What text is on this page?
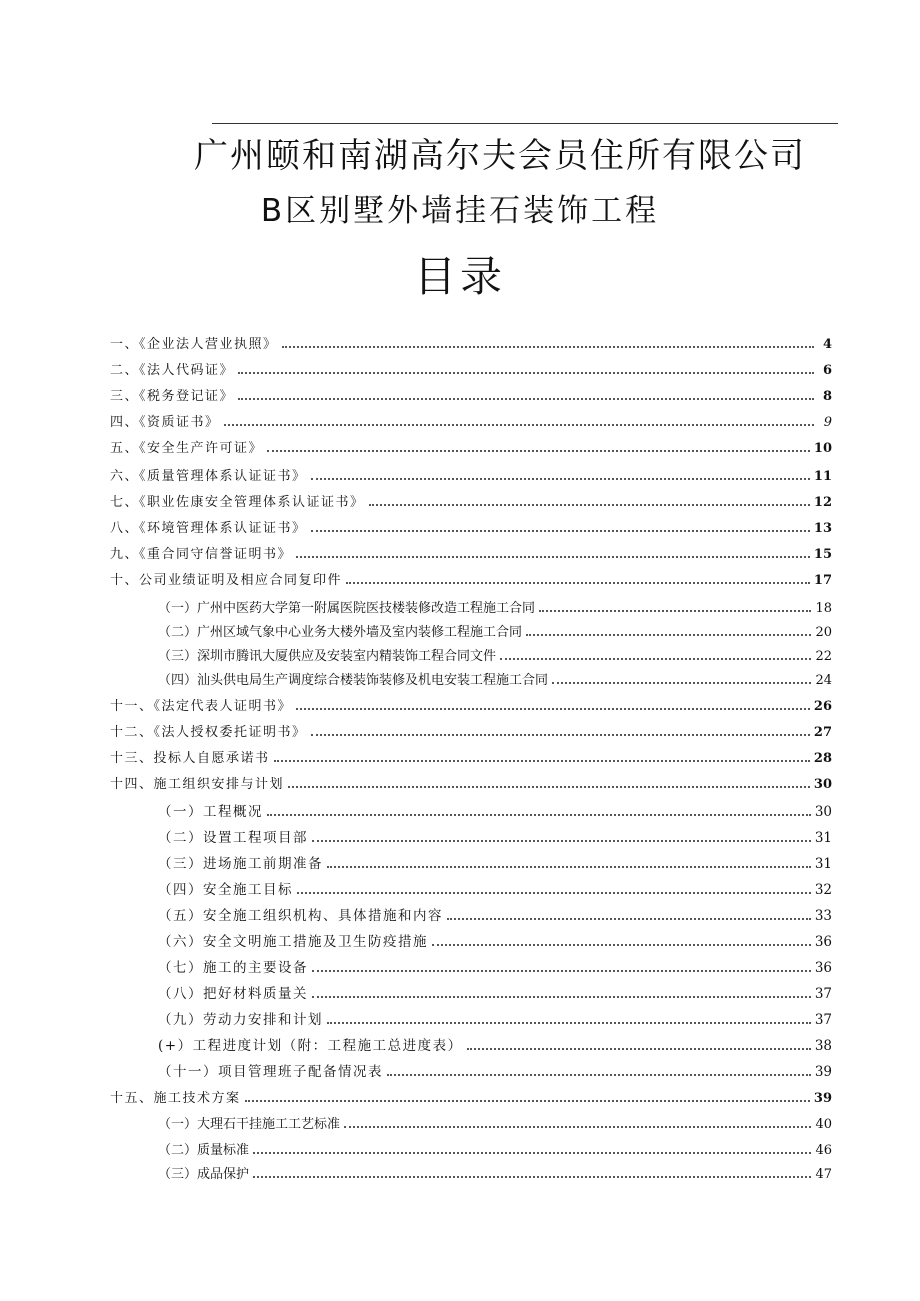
广州颐和南湖高尔夫会员住所有限公司
B区别墅外墙挂石装饰工程
目录
一、《企业法人营业执照》	4
二、《法人代码证》	6
三、《税务登记证》	8
四、《资质证书》	9
五、《安全生产许可证》	10
六、《质量管理体系认证证书》	11
七、《职业佐康安全管理体系认证证书》	12
八、《环境管理体系认证证书》	13
九、《重合同守信誉证明书》	15
十、公司业绩证明及相应合同复印件	17
（一）广州中医药大学第一附属医院医技楼装修改造工程施工合同	18
（二）广州区域气象中心业务大楼外墙及室内装修工程施工合同	20
（三）深圳市腾讯大厦供应及安装室内精装饰工程合同文件	22
（四）汕头供电局生产调度综合楼装饰装修及机电安装工程施工合同	24
十一、《法定代表人证明书》	26
十二、《法人授权委托证明书》	27
十三、投标人自愿承诺书	28
十四、施工组织安排与计划	30
（一）工程概况	30
（二）设置工程项目部	31
（三）进场施工前期准备	31
（四）安全施工目标	32
（五）安全施工组织机构、具体措施和内容	33
（六）安全文明施工措施及卫生防疫措施	36
（七）施工的主要设备	36
（八）把好材料质量关	37
（九）劳动力安排和计划	37
(+）工程进度计划（附：工程施工总进度表）	38
（十一）项目管理班子配备情况表	39
十五、施工技术方案	39
（一）大理石干挂施工工艺标准	40
（二）质量标准	46
（三）成品保护	47
